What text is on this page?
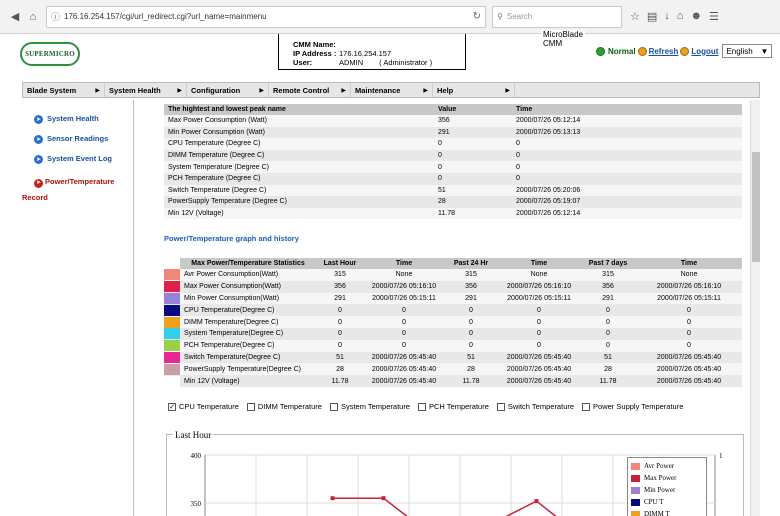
◀ ⌂	ⓘ 176.16.254.157/cgi/url_redirect.cgi?url_name=mainmenu	↻ ⚲ Search	☆ ▤ ↓ ⌂ ☻ ☰
SUPERMICRO
MicroBlade CMM
CMM Name:
IP Address : 176.16.254.157
User:	ADMIN ( Administrator )
Normal Refresh Logout English ▼
Blade System	▶ System Health	▶ Configuration	▶ Remote Control ▶ Maintenance	▶ Help	▶
➤ System Health
➤ Sensor Readings
➤ System Event Log
➤ Power/Temperature Record
The hightest and lowest peak name	Value	Time
Max Power Consumption (Watt)	356	2000/07/26 05:12:14
Min Power Consumption (Watt)	291	2000/07/26 05:13:13
CPU Temperature (Degree C)	0	0
DIMM Temperature (Degree C)	0	0
System Temperature (Degree C)	0	0
PCH Temperature (Degree C)	0	0
Switch Temperature (Degree C)	51	2000/07/26 05:20:06
PowerSupply Temperature (Degree C)	28	2000/07/26 05:19:07
Min 12V (Voltage)	11.78	2000/07/26 05:12:14
Power/Temperature graph and history
	Max Power/Temperature Statistics	Last Hour	Time	Past 24 Hr	Time	Past 7 days	Time

	Avr Power Consumption(Watt)	315	None	315	None	315	None

	Max Power Consumption(Watt)	356	2000/07/26 05:16:10	356	2000/07/26 05:16:10	356	2000/07/26 05:16:10

	Min Power Consumption(Watt)	291	2000/07/26 05:15:11	291	2000/07/26 05:15:11	291	2000/07/26 05:15:11

	CPU Temperature(Degree C)	0	0	0	0	0	0

	DIMM Temperature(Degree C)	0	0	0	0	0	0

	System Temperature(Degree C)	0	0	0	0	0	0

	PCH Temperature(Degree C)	0	0	0	0	0	0

	Switch Temperature(Degree C)	51	2000/07/26 05:45:40	51	2000/07/26 05:45:40	51	2000/07/26 05:45:40

	PowerSupply Temperature(Degree C)	28	2000/07/26 05:45:40	28	2000/07/26 05:45:40	28	2000/07/26 05:45:40

	Min 12V (Voltage)	11.78	2000/07/26 05:45:40	11.78	2000/07/26 05:45:40	11.78	2000/07/26 05:45:40
✓ CPU Temperature	DIMM Temperature	System Temperature	PCH Temperature	Switch Temperature	Power Supply Temperature
Last Hour
400
350
1
Avr Power
Max Power
Min Power
CPU T
DIMM T
